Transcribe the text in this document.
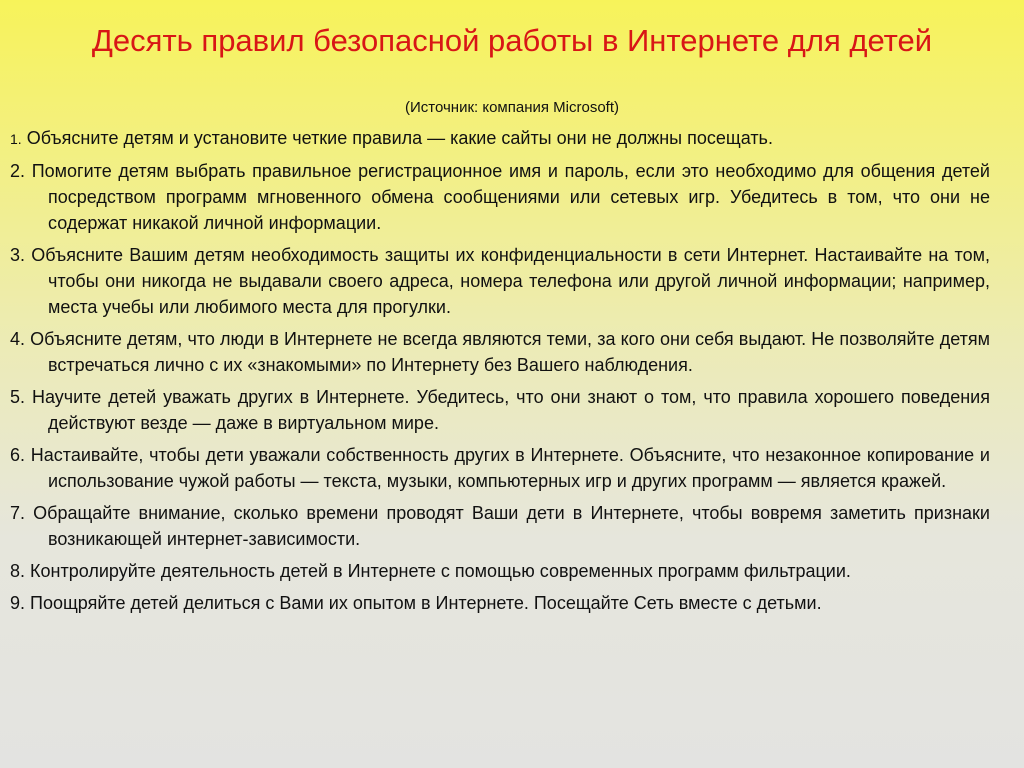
Десять правил безопасной работы в Интернете для детей
(Источник: компания Microsoft)
1. Объясните детям и установите четкие правила — какие сайты они не должны посещать.
2. Помогите детям выбрать правильное регистрационное имя и пароль, если это необходимо для общения детей посредством программ мгновенного обмена сообщениями или сетевых игр. Убедитесь в том, что они не содержат никакой личной информации.
3. Объясните Вашим детям необходимость защиты их конфиденциальности в сети Интернет. Настаивайте на том, чтобы они никогда не выдавали своего адреса, номера телефона или другой личной информации; например, места учебы или любимого места для прогулки.
4. Объясните детям, что люди в Интернете не всегда являются теми, за кого они себя выдают. Не позволяйте детям встречаться лично с их «знакомыми» по Интернету без Вашего наблюдения.
5. Научите детей уважать других в Интернете. Убедитесь, что они знают о том, что правила хорошего поведения действуют везде — даже в виртуальном мире.
6. Настаивайте, чтобы дети уважали собственность других в Интернете. Объясните, что незаконное копирование и использование чужой работы — текста, музыки, компьютерных игр и других программ — является кражей.
7. Обращайте внимание, сколько времени проводят Ваши дети в Интернете, чтобы вовремя заметить признаки возникающей интернет-зависимости.
8. Контролируйте деятельность детей в Интернете с помощью современных программ фильтрации.
9. Поощряйте детей делиться с Вами их опытом в Интернете. Посещайте Сеть вместе с детьми.
